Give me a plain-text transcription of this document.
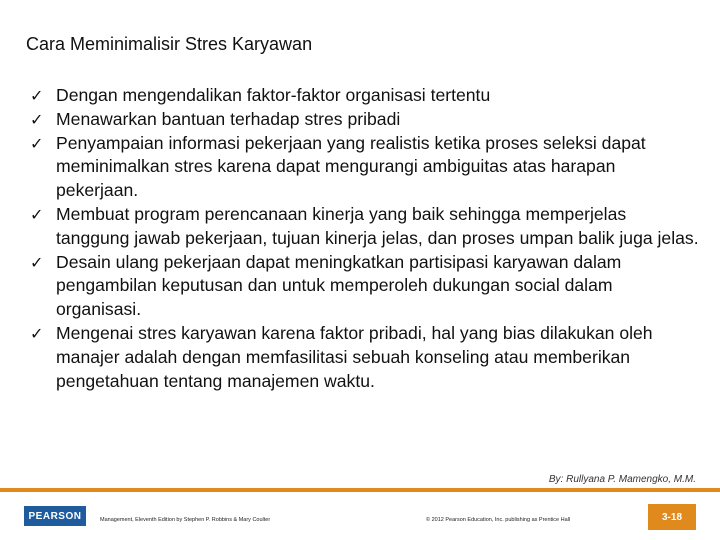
Cara Meminimalisir Stres Karyawan
✓ Dengan mengendalikan faktor-faktor organisasi tertentu
✓ Menawarkan bantuan terhadap stres pribadi
✓ Penyampaian informasi pekerjaan yang realistis ketika proses seleksi dapat meminimalkan stres karena dapat mengurangi ambiguitas atas harapan pekerjaan.
✓ Membuat program perencanaan kinerja yang baik sehingga memperjelas tanggung jawab pekerjaan, tujuan kinerja jelas, dan proses umpan balik juga jelas.
✓ Desain ulang pekerjaan dapat meningkatkan partisipasi karyawan dalam pengambilan keputusan dan untuk memperoleh dukungan social dalam organisasi.
✓ Mengenai stres karyawan karena faktor pribadi, hal yang bias dilakukan oleh manajer adalah dengan memfasilitasi sebuah konseling atau memberikan pengetahuan tentang manajemen waktu.
By: Rullyana P. Mamengko, M.M.
PEARSON	Management, Eleventh Edition by Stephen P. Robbins & Mary Coulter	© 2012 Pearson Education, Inc. publishing as Prentice Hall	3-18
